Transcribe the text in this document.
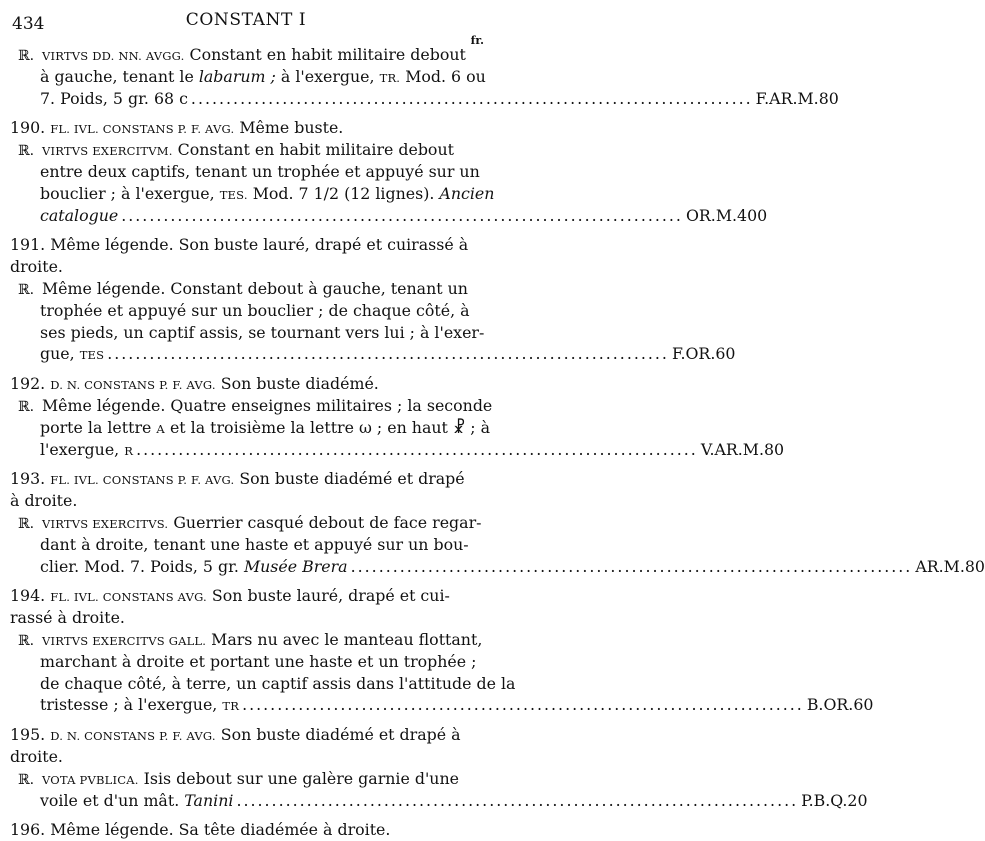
434	CONSTANT I
fr.
ℝ. VIRTVS DD. NN. AVGG. Constant en habit militaire debout
à gauche, tenant le labarum ; à l'exergue, TR. Mod. 6 ou
7. Poids, 5 gr. 68 c ................................................................................ F.AR.M. 80
190. FL. IVL. CONSTANS P. F. AVG. Même buste.
ℝ. VIRTVS EXERCITVM. Constant en habit militaire debout
entre deux captifs, tenant un trophée et appuyé sur un
bouclier ; à l'exergue, TES. Mod. 7 1/2 (12 lignes). Ancien
catalogue ................................................................................ OR.M. 400
191. Même légende. Son buste lauré, drapé et cuirassé à
droite.
ℝ. Même légende. Constant debout à gauche, tenant un
trophée et appuyé sur un bouclier ; de chaque côté, à
ses pieds, un captif assis, se tournant vers lui ; à l'exer-
gue, TES ................................................................................ F.OR. 60
192. D. N. CONSTANS P. F. AVG. Son buste diadémé.
ℝ. Même légende. Quatre enseignes militaires ; la seconde
porte la lettre A et la troisième la lettre ω ; en haut ☧ ; à
l'exergue, R ................................................................................ V.AR.M. 80
193. FL. IVL. CONSTANS P. F. AVG. Son buste diadémé et drapé
à droite.
ℝ. VIRTVS EXERCITVS. Guerrier casqué debout de face regar-
dant à droite, tenant une haste et appuyé sur un bou-
clier. Mod. 7. Poids, 5 gr. Musée Brera ................................................................................ AR.M. 80
194. FL. IVL. CONSTANS AVG. Son buste lauré, drapé et cui-
rassé à droite.
ℝ. VIRTVS EXERCITVS GALL. Mars nu avec le manteau flottant,
marchant à droite et portant une haste et un trophée ;
de chaque côté, à terre, un captif assis dans l'attitude de la
tristesse ; à l'exergue, TR ................................................................................ B.OR. 60
195. D. N. CONSTANS P. F. AVG. Son buste diadémé et drapé à
droite.
ℝ. VOTA PVBLICA. Isis debout sur une galère garnie d'une
voile et d'un mât. Tanini ................................................................................ P.B.Q. 20
196. Même légende. Sa tête diadémée à droite.
